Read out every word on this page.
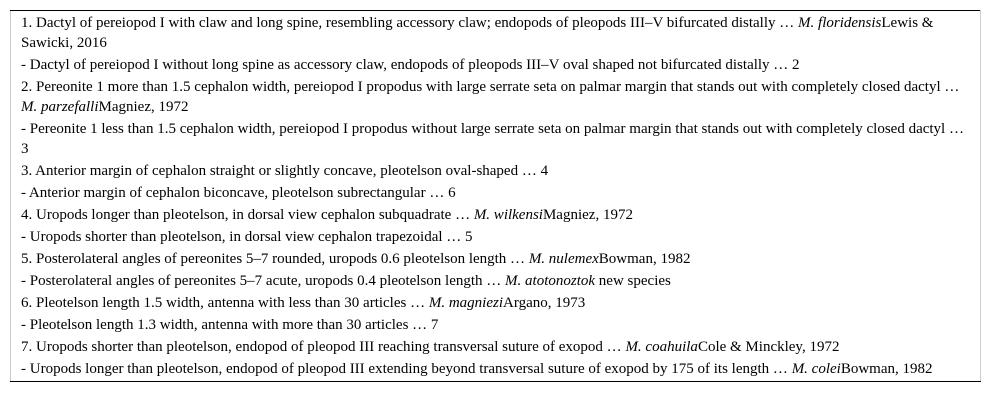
1. Dactyl of pereiopod I with claw and long spine, resembling accessory claw; endopods of pleopods III–V bifurcated distally … M. floridensisLewis & Sawicki, 2016
- Dactyl of pereiopod I without long spine as accessory claw, endopods of pleopods III–V oval shaped not bifurcated distally … 2
2. Pereonite 1 more than 1.5 cephalon width, pereiopod I propodus with large serrate seta on palmar margin that stands out with completely closed dactyl … M. parzefalliMagniez, 1972
- Pereonite 1 less than 1.5 cephalon width, pereiopod I propodus without large serrate seta on palmar margin that stands out with completely closed dactyl … 3
3. Anterior margin of cephalon straight or slightly concave, pleotelson oval-shaped … 4
- Anterior margin of cephalon biconcave, pleotelson subrectangular … 6
4. Uropods longer than pleotelson, in dorsal view cephalon subquadrate … M. wilkensiMagniez, 1972
- Uropods shorter than pleotelson, in dorsal view cephalon trapezoidal … 5
5. Posterolateral angles of pereonites 5–7 rounded, uropods 0.6 pleotelson length … M. nulemexBowman, 1982
- Posterolateral angles of pereonites 5–7 acute, uropods 0.4 pleotelson length … M. atotonoztok new species
6. Pleotelson length 1.5 width, antenna with less than 30 articles … M. magnieziArgano, 1973
- Pleotelson length 1.3 width, antenna with more than 30 articles … 7
7. Uropods shorter than pleotelson, endopod of pleopod III reaching transversal suture of exopod … M. coahuilaCole & Minckley, 1972
- Uropods longer than pleotelson, endopod of pleopod III extending beyond transversal suture of exopod by 175 of its length … M. coleiBowman, 1982
